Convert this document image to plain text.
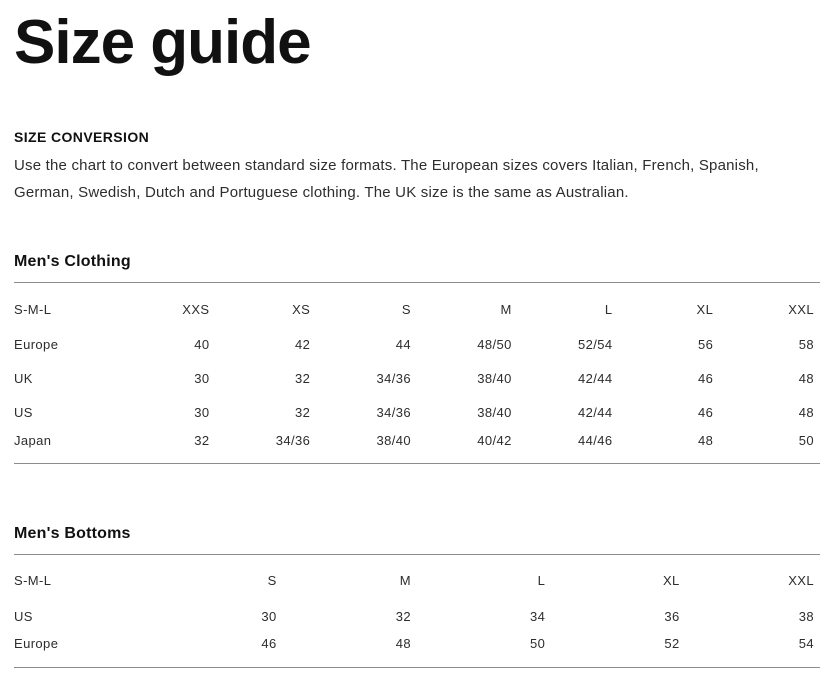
Size guide
SIZE CONVERSION

Use the chart to convert between standard size formats. The European sizes covers Italian, French, Spanish, German, Swedish, Dutch and Portuguese clothing. The UK size is the same as Australian.

Men's Clothing
S-M-L	XXS	XS	S	M	L	XL	XXL
Europe	40	42	44	48/50	52/54	56	58
UK	30	32	34/36	38/40	42/44	46	48
US	30	32	34/36	38/40	42/44	46	48
Japan	32	34/36	38/40	40/42	44/46	48	50
Men's Bottoms
S-M-L	S	M	L	XL	XXL
US	30	32	34	36	38
Europe	46	48	50	52	54
